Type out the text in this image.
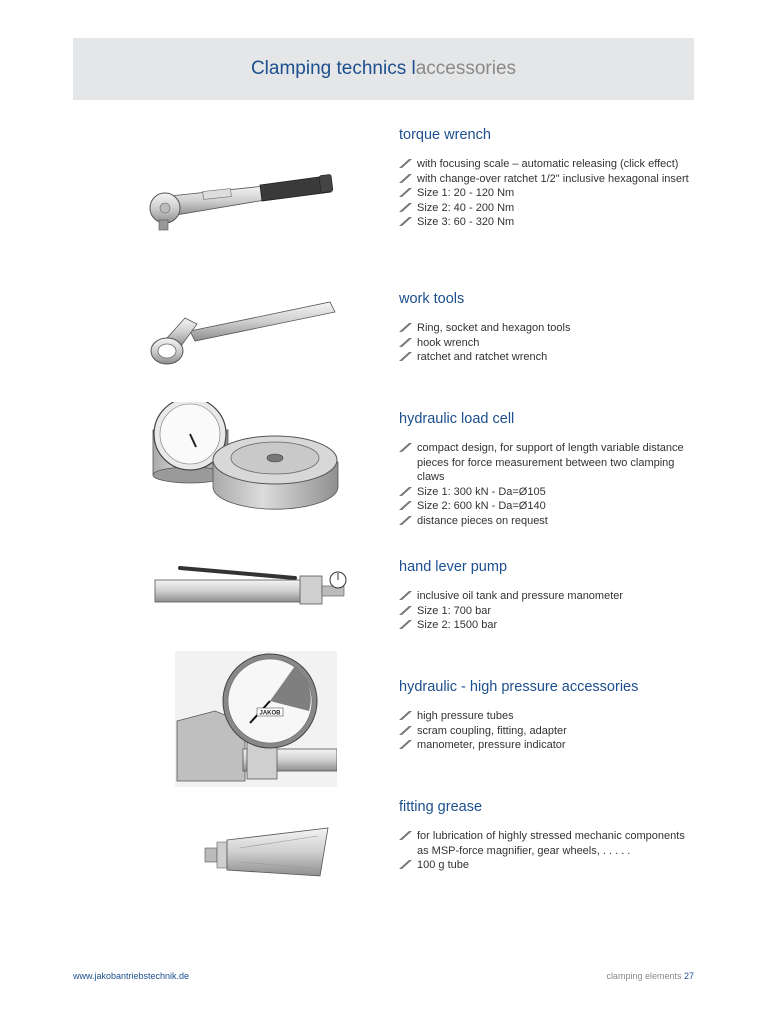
Clamping technics l accessories
JAKOB
torque wrench
with focusing scale – automatic releasing (click effect)
with change-over ratchet 1/2" inclusive hexagonal insert
Size 1: 20 - 120 Nm
Size 2: 40 - 200 Nm
Size 3: 60 - 320 Nm
work tools
Ring, socket and hexagon tools
hook wrench
ratchet and ratchet wrench
hydraulic load cell
compact design, for support of length variable distance pieces for force measurement between two clamping claws
Size 1: 300 kN - Da=Ø105
Size 2: 600 kN - Da=Ø140
distance pieces on request
hand lever pump
inclusive oil tank and pressure manometer
Size 1: 700 bar
Size 2: 1500 bar
hydraulic - high pressure accessories
high pressure tubes
scram coupling, fitting, adapter
manometer, pressure indicator
fitting grease
for lubrication of highly stressed mechanic components as MSP-force magnifier, gear wheels, . . . . .
100 g tube
www.jakobantriebstechnik.de	clamping elements 27
